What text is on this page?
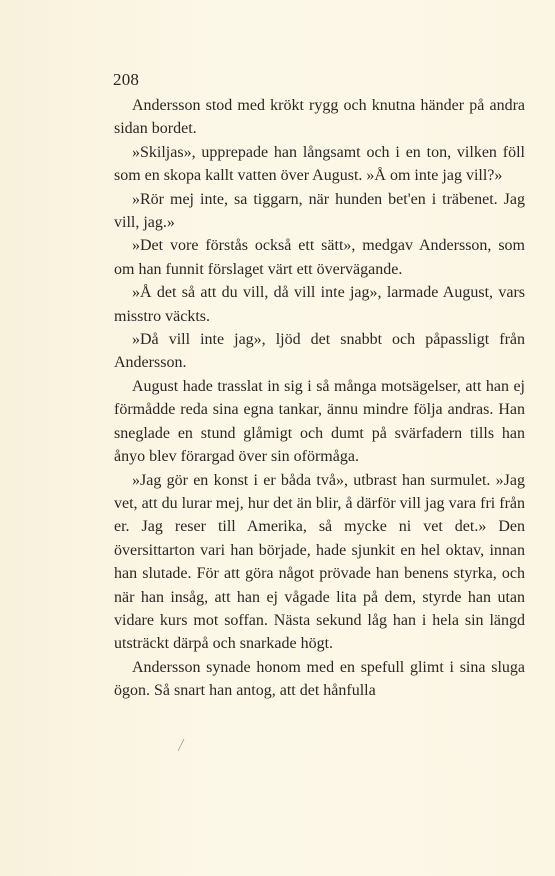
208

Andersson stod med krökt rygg och knutna händer på andra sidan bordet.

»Skiljas», upprepade han långsamt och i en ton, vilken föll som en skopa kallt vatten över August. »Å om inte jag vill?»

»Rör mej inte, sa tiggarn, när hunden bet'en i träbenet. Jag vill, jag.»

»Det vore förstås också ett sätt», medgav Andersson, som om han funnit förslaget värt ett övervägande.

»Å det så att du vill, då vill inte jag», larmade August, vars misstro väckts.

»Då vill inte jag», ljöd det snabbt och påpassligt från Andersson.

August hade trasslat in sig i så många motsägelser, att han ej förmådde reda sina egna tankar, ännu mindre följa andras. Han sneglade en stund glåmigt och dumt på svärfadern tills han ånyo blev förargad över sin oförmåga.

»Jag gör en konst i er båda två», utbrast han surmulet. »Jag vet, att du lurar mej, hur det än blir, å därför vill jag vara fri från er. Jag reser till Amerika, så mycke ni vet det.» Den översittarton vari han började, hade sjunkit en hel oktav, innan han slutade. För att göra något prövade han benens styrka, och när han insåg, att han ej vågade lita på dem, styrde han utan vidare kurs mot soffan. Nästa sekund låg han i hela sin längd utsträckt därpå och snarkade högt.

Andersson synade honom med en spefull glimt i sina sluga ögon. Så snart han antog, att det hånfulla
